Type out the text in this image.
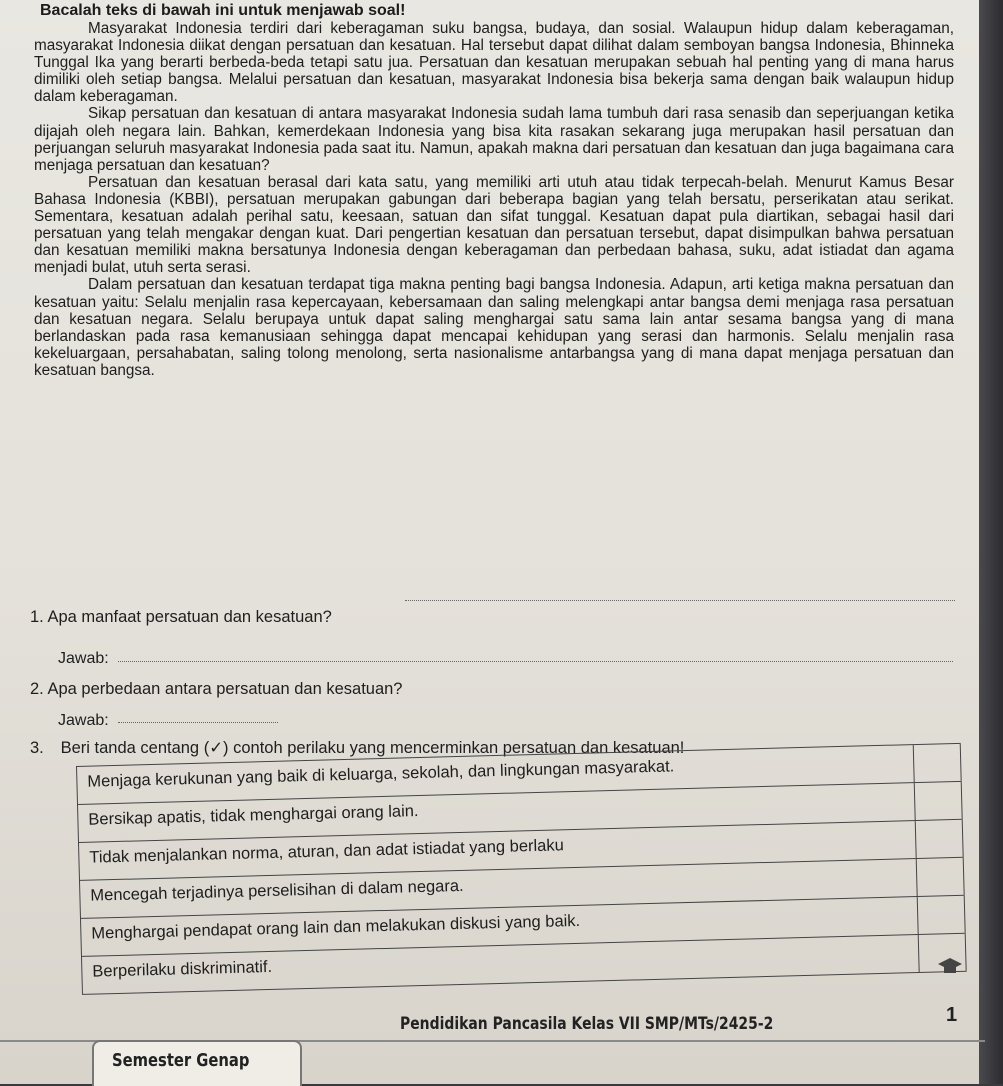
Bacalah teks di bawah ini untuk menjawab soal!

Masyarakat Indonesia terdiri dari keberagaman suku bangsa, budaya, dan sosial. Walaupun hidup dalam keberagaman, masyarakat Indonesia diikat dengan persatuan dan kesatuan. Hal tersebut dapat dilihat dalam semboyan bangsa Indonesia, Bhinneka Tunggal Ika yang berarti berbeda-beda tetapi satu jua. Persatuan dan kesatuan merupakan sebuah hal penting yang di mana harus dimiliki oleh setiap bangsa. Melalui persatuan dan kesatuan, masyarakat Indonesia bisa bekerja sama dengan baik walaupun hidup dalam keberagaman.

Sikap persatuan dan kesatuan di antara masyarakat Indonesia sudah lama tumbuh dari rasa senasib dan seperjuangan ketika dijajah oleh negara lain. Bahkan, kemerdekaan Indonesia yang bisa kita rasakan sekarang juga merupakan hasil persatuan dan perjuangan seluruh masyarakat Indonesia pada saat itu. Namun, apakah makna dari persatuan dan kesatuan dan juga bagaimana cara menjaga persatuan dan kesatuan?

Persatuan dan kesatuan berasal dari kata satu, yang memiliki arti utuh atau tidak terpecah-belah. Menurut Kamus Besar Bahasa Indonesia (KBBI), persatuan merupakan gabungan dari beberapa bagian yang telah bersatu, perserikatan atau serikat. Sementara, kesatuan adalah perihal satu, keesaan, satuan dan sifat tunggal. Kesatuan dapat pula diartikan, sebagai hasil dari persatuan yang telah mengakar dengan kuat. Dari pengertian kesatuan dan persatuan tersebut, dapat disimpulkan bahwa persatuan dan kesatuan memiliki makna bersatunya Indonesia dengan keberagaman dan perbedaan bahasa, suku, adat istiadat dan agama menjadi bulat, utuh serta serasi.

Dalam persatuan dan kesatuan terdapat tiga makna penting bagi bangsa Indonesia. Adapun, arti ketiga makna persatuan dan kesatuan yaitu: Selalu menjalin rasa kepercayaan, kebersamaan dan saling melengkapi antar bangsa demi menjaga rasa persatuan dan kesatuan negara. Selalu berupaya untuk dapat saling menghargai satu sama lain antar sesama bangsa yang di mana berlandaskan pada rasa kemanusiaan sehingga dapat mencapai kehidupan yang serasi dan harmonis. Selalu menjalin rasa kekeluargaan, persahabatan, saling tolong menolong, serta nasionalisme antarbangsa yang di mana dapat menjaga persatuan dan kesatuan bangsa.

1. Apa manfaat persatuan dan kesatuan?
Jawab:
2. Apa perbedaan antara persatuan dan kesatuan?
Jawab:
3. Beri tanda centang (✓) contoh perilaku yang mencerminkan persatuan dan kesatuan!
Menjaga kerukunan yang baik di keluarga, sekolah, dan lingkungan masyarakat.
Bersikap apatis, tidak menghargai orang lain.
Tidak menjalankan norma, aturan, dan adat istiadat yang berlaku
Mencegah terjadinya perselisihan di dalam negara.
Menghargai pendapat orang lain dan melakukan diskusi yang baik.
Berperilaku diskriminatif.
Pendidikan Pancasila Kelas VII SMP/MTs/2425-2	1
Semester Genap
